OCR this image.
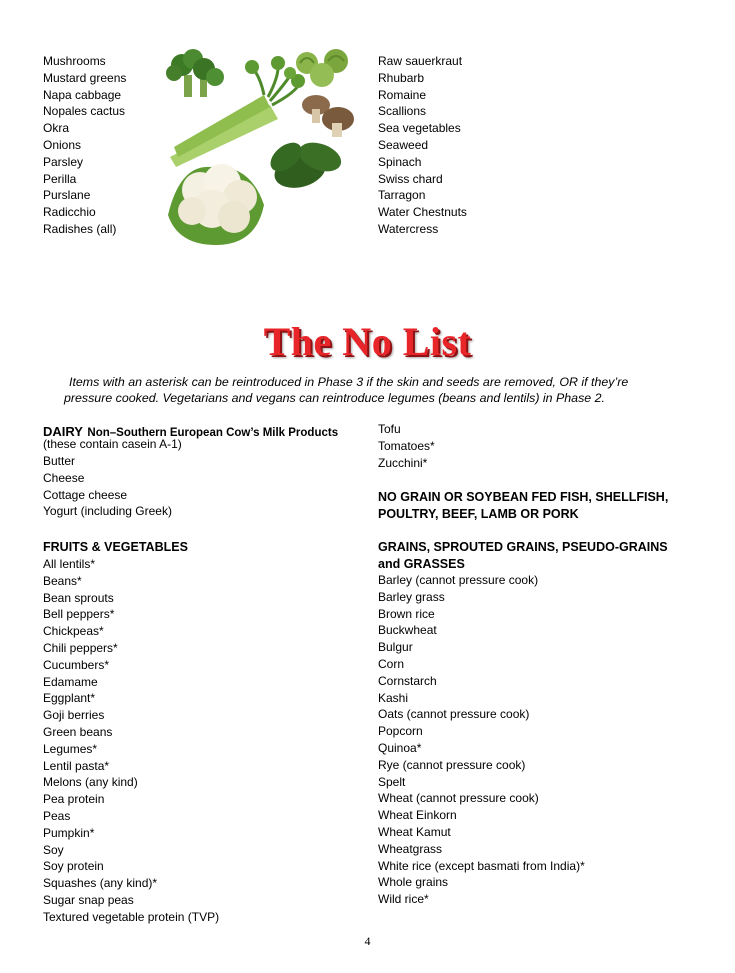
Mushrooms
Mustard greens
Napa cabbage
Nopales cactus
Okra
Onions
Parsley
Perilla
Purslane
Radicchio
Radishes (all)
Raw sauerkraut
Rhubarb
Romaine
Scallions
Sea vegetables
Seaweed
Spinach
Swiss chard
Tarragon
Water Chestnuts
Watercress
The No List
Items with an asterisk can be reintroduced in Phase 3 if the skin and seeds are removed, OR if they’re
pressure cooked. Vegetarians and vegans can reintroduce legumes (beans and lentils) in Phase 2.
DAIRY Non–Southern European Cow’s Milk Products
(these contain casein A-1)
Butter
Cheese
Cottage cheese
Yogurt (including Greek)
FRUITS & VEGETABLES
All lentils*
Beans*
Bean sprouts
Bell peppers*
Chickpeas*
Chili peppers*
Cucumbers*
Edamame
Eggplant*
Goji berries
Green beans
Legumes*
Lentil pasta*
Melons (any kind)
Pea protein
Peas
Pumpkin*
Soy
Soy protein
Squashes (any kind)*
Sugar snap peas
Textured vegetable protein (TVP)
Tofu
Tomatoes*
Zucchini*
NO GRAIN OR SOYBEAN FED FISH, SHELLFISH,
POULTRY, BEEF, LAMB OR PORK
GRAINS, SPROUTED GRAINS, PSEUDO-GRAINS
and GRASSES
Barley (cannot pressure cook)
Barley grass
Brown rice
Buckwheat
Bulgur
Corn
Cornstarch
Kashi
Oats (cannot pressure cook)
Popcorn
Quinoa*
Rye (cannot pressure cook)
Spelt
Wheat (cannot pressure cook)
Wheat Einkorn
Wheat Kamut
Wheatgrass
White rice (except basmati from India)*
Whole grains
Wild rice*
4
